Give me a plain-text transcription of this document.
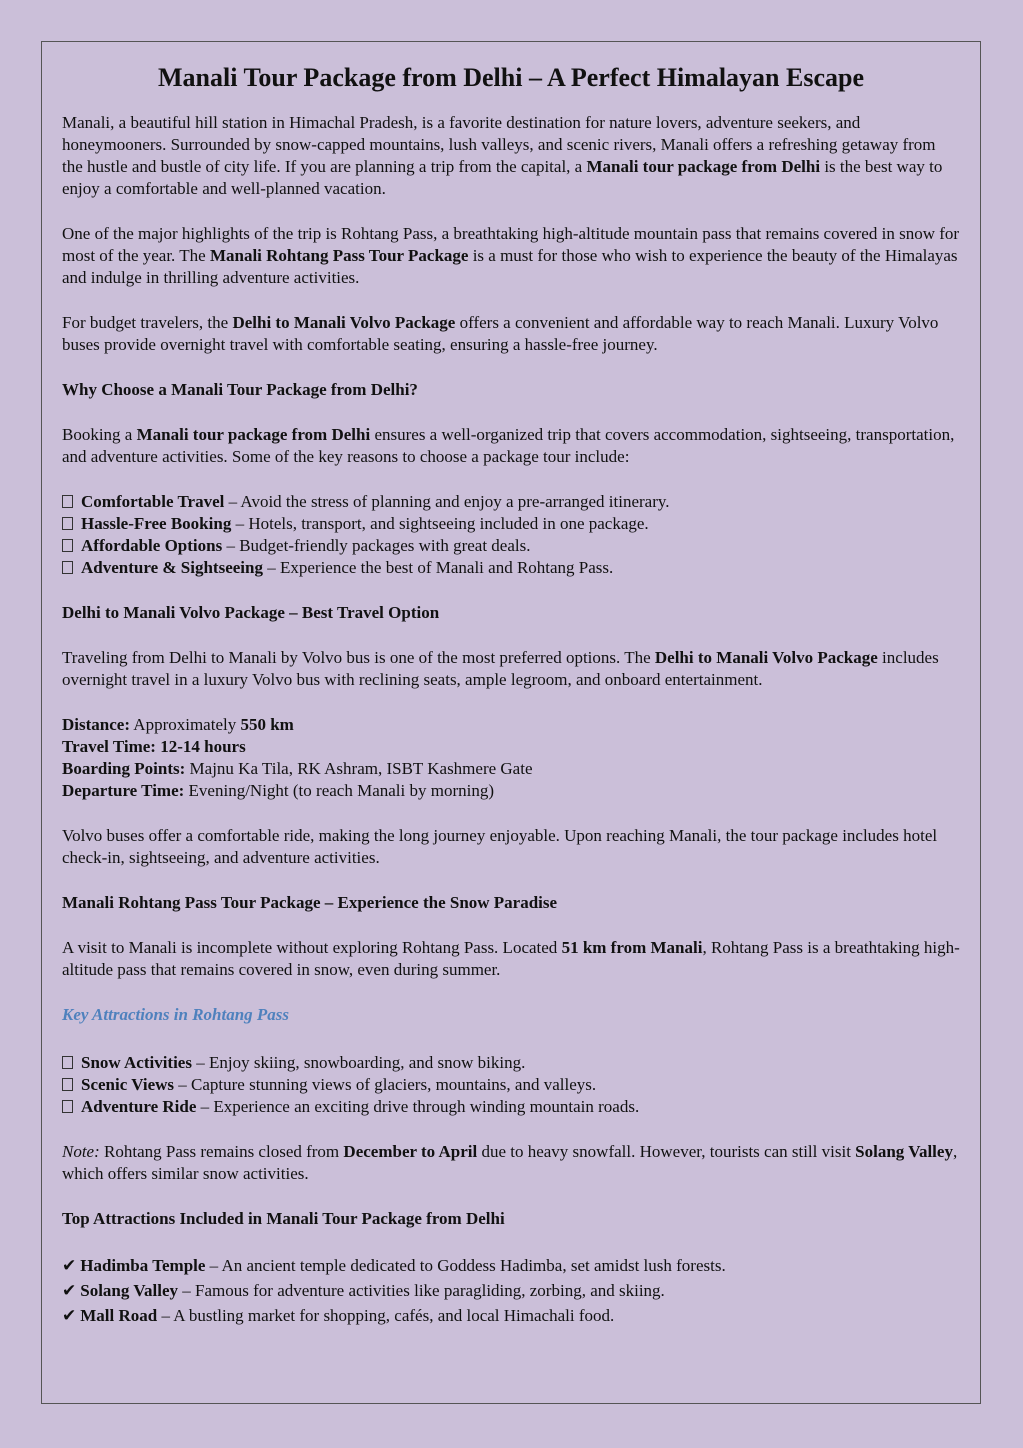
Manali Tour Package from Delhi – A Perfect Himalayan Escape

Manali, a beautiful hill station in Himachal Pradesh, is a favorite destination for nature lovers, adventure seekers, and honeymooners. Surrounded by snow-capped mountains, lush valleys, and scenic rivers, Manali offers a refreshing getaway from the hustle and bustle of city life. If you are planning a trip from the capital, a Manali tour package from Delhi is the best way to enjoy a comfortable and well-planned vacation.

One of the major highlights of the trip is Rohtang Pass, a breathtaking high-altitude mountain pass that remains covered in snow for most of the year. The Manali Rohtang Pass Tour Package is a must for those who wish to experience the beauty of the Himalayas and indulge in thrilling adventure activities.

For budget travelers, the Delhi to Manali Volvo Package offers a convenient and affordable way to reach Manali. Luxury Volvo buses provide overnight travel with comfortable seating, ensuring a hassle-free journey.

Why Choose a Manali Tour Package from Delhi?

Booking a Manali tour package from Delhi ensures a well-organized trip that covers accommodation, sightseeing, transportation, and adventure activities. Some of the key reasons to choose a package tour include:

Comfortable Travel – Avoid the stress of planning and enjoy a pre-arranged itinerary.
Hassle-Free Booking – Hotels, transport, and sightseeing included in one package.
Affordable Options – Budget-friendly packages with great deals.
Adventure & Sightseeing – Experience the best of Manali and Rohtang Pass.
Delhi to Manali Volvo Package – Best Travel Option

Traveling from Delhi to Manali by Volvo bus is one of the most preferred options. The Delhi to Manali Volvo Package includes overnight travel in a luxury Volvo bus with reclining seats, ample legroom, and onboard entertainment.

Distance: Approximately 550 km
Travel Time: 12-14 hours
Boarding Points: Majnu Ka Tila, RK Ashram, ISBT Kashmere Gate
Departure Time: Evening/Night (to reach Manali by morning)

Volvo buses offer a comfortable ride, making the long journey enjoyable. Upon reaching Manali, the tour package includes hotel check-in, sightseeing, and adventure activities.

Manali Rohtang Pass Tour Package – Experience the Snow Paradise

A visit to Manali is incomplete without exploring Rohtang Pass. Located 51 km from Manali, Rohtang Pass is a breathtaking high-altitude pass that remains covered in snow, even during summer.

Key Attractions in Rohtang Pass
Snow Activities – Enjoy skiing, snowboarding, and snow biking.
Scenic Views – Capture stunning views of glaciers, mountains, and valleys.
Adventure Ride – Experience an exciting drive through winding mountain roads.

Note: Rohtang Pass remains closed from December to April due to heavy snowfall. However, tourists can still visit Solang Valley, which offers similar snow activities.

Top Attractions Included in Manali Tour Package from Delhi
✔ Hadimba Temple – An ancient temple dedicated to Goddess Hadimba, set amidst lush forests.
✔ Solang Valley – Famous for adventure activities like paragliding, zorbing, and skiing.
✔ Mall Road – A bustling market for shopping, cafés, and local Himachali food.
